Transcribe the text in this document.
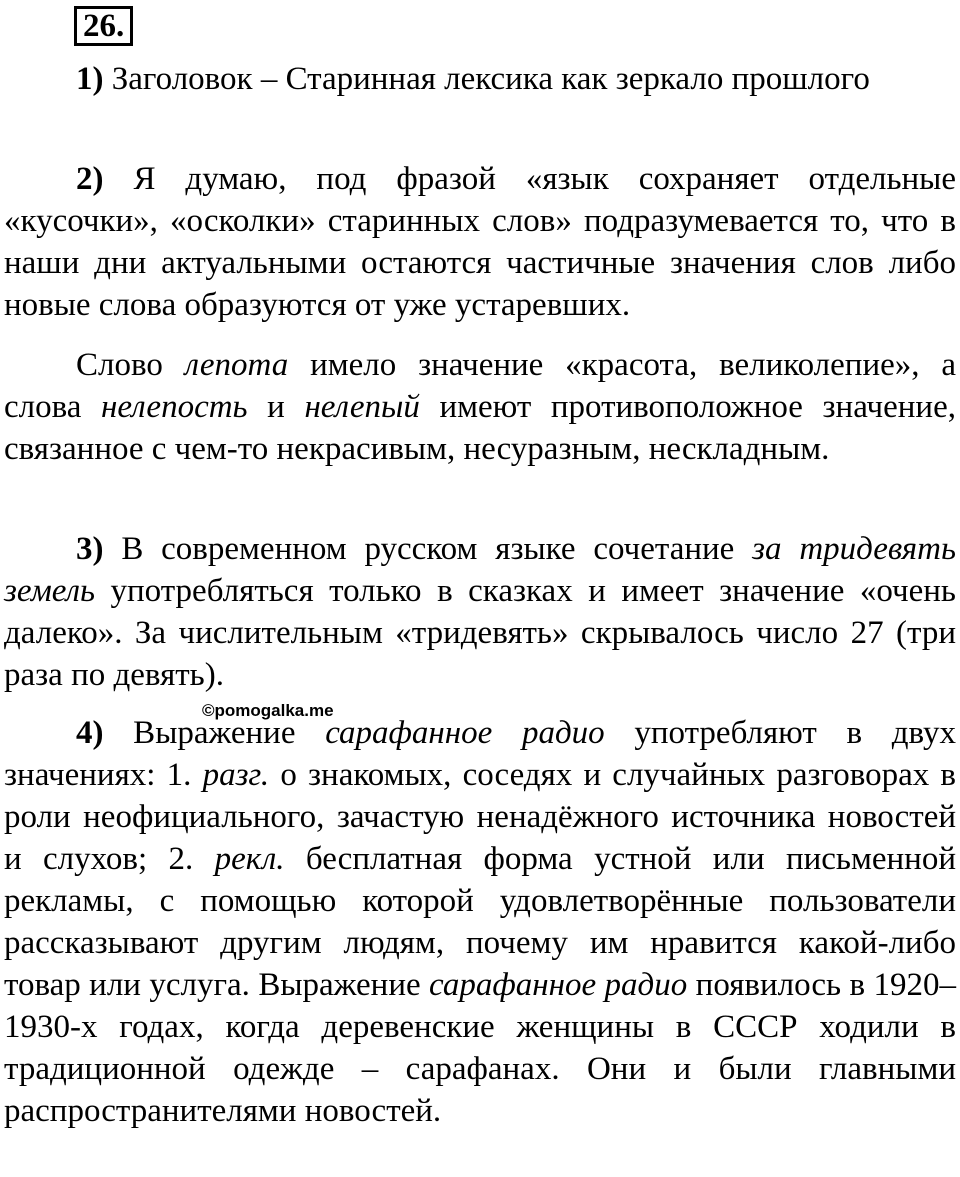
26.

1) Заголовок – Старинная лексика как зеркало прошлого

2) Я думаю, под фразой «язык сохраняет отдельные «кусочки», «осколки» старинных слов» подразумевается то, что в наши дни актуальными остаются частичные значения слов либо новые слова образуются от уже устаревших.

Слово лепота имело значение «красота, великолепие», а слова нелепость и нелепый имеют противоположное значение, связанное с чем-то некрасивым, несуразным, нескладным.

3) В современном русском языке сочетание за тридевять земель употребляться только в сказках и имеет значение «очень далеко». За числительным «тридевять» скрывалось число 27 (три раза по девять).

4) Выражение сарафанное радио употребляют в двух значениях: 1. разг. о знакомых, соседях и случайных разговорах в роли неофициального, зачастую ненадёжного источника новостей и слухов; 2. рекл. бесплатная форма устной или письменной рекламы, с помощью которой удовлетворённые пользователи рассказывают другим людям, почему им нравится какой-либо товар или услуга. Выражение сарафанное радио появилось в 1920–1930-х годах, когда деревенские женщины в СССР ходили в традиционной одежде – сарафанах. Они и были главными распространителями новостей.

©pomogalka.me
